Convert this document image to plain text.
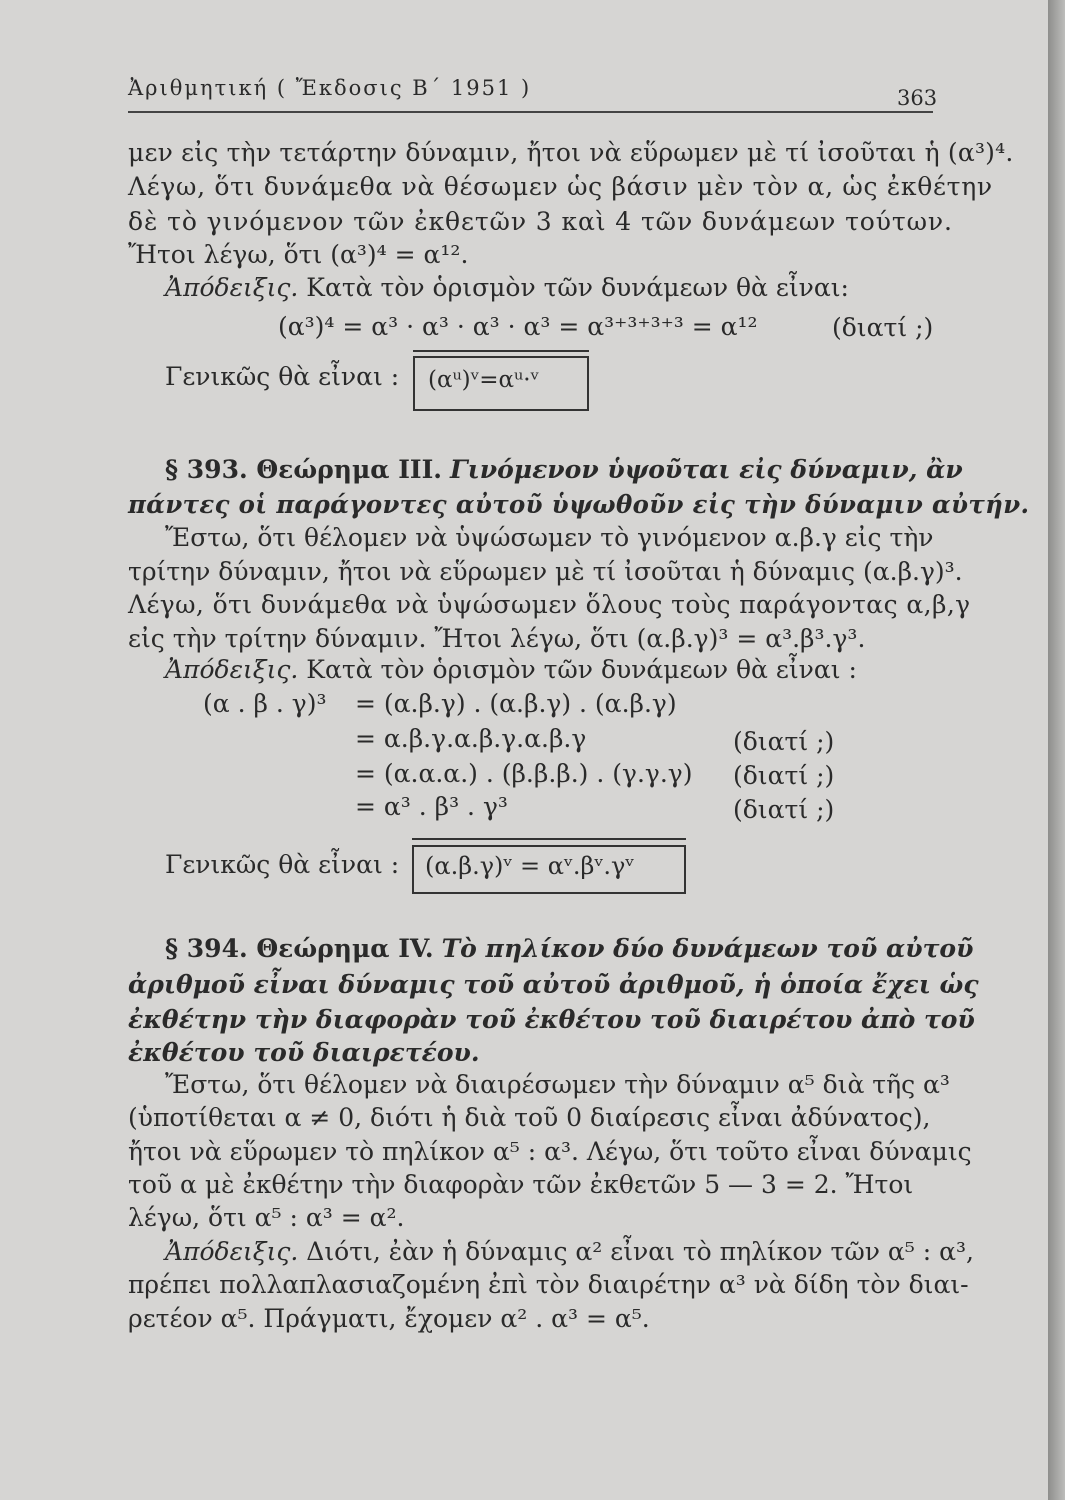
Ἀριθμητική ( Ἔκδοσις Β΄ 1951 )	363
μεν εἰς τὴν τετάρτην δύναμιν, ἤτοι νὰ εὕρωμεν μὲ τί ἰσοῦται ἡ (α³)⁴.
Λέγω, ὅτι δυνάμεθα νὰ θέσωμεν ὡς βάσιν μὲν τὸν α, ὡς ἐκθέτην
δὲ τὸ γινόμενον τῶν ἐκθετῶν 3 καὶ 4 τῶν δυνάμεων τούτων.
Ἤτοι λέγω, ὅτι (α³)⁴ = α¹².
Ἀπόδειξις. Κατὰ τὸν ὁρισμὸν τῶν δυνάμεων θὰ εἶναι:
(α³)⁴ = α³ · α³ · α³ · α³ = α³⁺³⁺³⁺³ = α¹²	(διατί ;)
Γενικῶς θὰ εἶναι : (αᵘ)ᵛ=αᵘ·ᵛ
§ 393. Θεώρημα ΙΙΙ. Γινόμενον ὑψοῦται εἰς δύναμιν, ἂν
πάντες οἱ παράγοντες αὐτοῦ ὑψωθοῦν εἰς τὴν δύναμιν αὐτήν.
Ἔστω, ὅτι θέλομεν νὰ ὑψώσωμεν τὸ γινόμενον α.β.γ εἰς τὴν
τρίτην δύναμιν, ἤτοι νὰ εὕρωμεν μὲ τί ἰσοῦται ἡ δύναμις (α.β.γ)³.
Λέγω, ὅτι δυνάμεθα νὰ ὑψώσωμεν ὅλους τοὺς παράγοντας α,β,γ
εἰς τὴν τρίτην δύναμιν. Ἤτοι λέγω, ὅτι (α.β.γ)³ = α³.β³.γ³.
Ἀπόδειξις. Κατὰ τὸν ὁρισμὸν τῶν δυνάμεων θὰ εἶναι :
(α . β . γ)³ = (α.β.γ) . (α.β.γ) . (α.β.γ)
= α.β.γ.α.β.γ.α.β.γ	(διατί ;)
= (α.α.α.) . (β.β.β.) . (γ.γ.γ) (διατί ;)
= α³ . β³ . γ³	(διατί ;)
Γενικῶς θὰ εἶναι : (α.β.γ)ᵛ = αᵛ.βᵛ.γᵛ
§ 394. Θεώρημα IV. Τὸ πηλίκον δύο δυνάμεων τοῦ αὐτοῦ
ἀριθμοῦ εἶναι δύναμις τοῦ αὐτοῦ ἀριθμοῦ, ἡ ὁποία ἔχει ὡς
ἐκθέτην τὴν διαφορὰν τοῦ ἐκθέτου τοῦ διαιρέτου ἀπὸ τοῦ
ἐκθέτου τοῦ διαιρετέου.
Ἔστω, ὅτι θέλομεν νὰ διαιρέσωμεν τὴν δύναμιν α⁵ διὰ τῆς α³
(ὑποτίθεται α ≠ 0, διότι ἡ διὰ τοῦ 0 διαίρεσις εἶναι ἀδύνατος),
ἤτοι νὰ εὕρωμεν τὸ πηλίκον α⁵ : α³. Λέγω, ὅτι τοῦτο εἶναι δύναμις
τοῦ α μὲ ἐκθέτην τὴν διαφορὰν τῶν ἐκθετῶν 5 — 3 = 2. Ἤτοι
λέγω, ὅτι α⁵ : α³ = α².
Ἀπόδειξις. Διότι, ἐὰν ἡ δύναμις α² εἶναι τὸ πηλίκον τῶν α⁵ : α³,
πρέπει πολλαπλασιαζομένη ἐπὶ τὸν διαιρέτην α³ νὰ δίδη τὸν διαι-
ρετέον α⁵. Πράγματι, ἔχομεν α² . α³ = α⁵.
